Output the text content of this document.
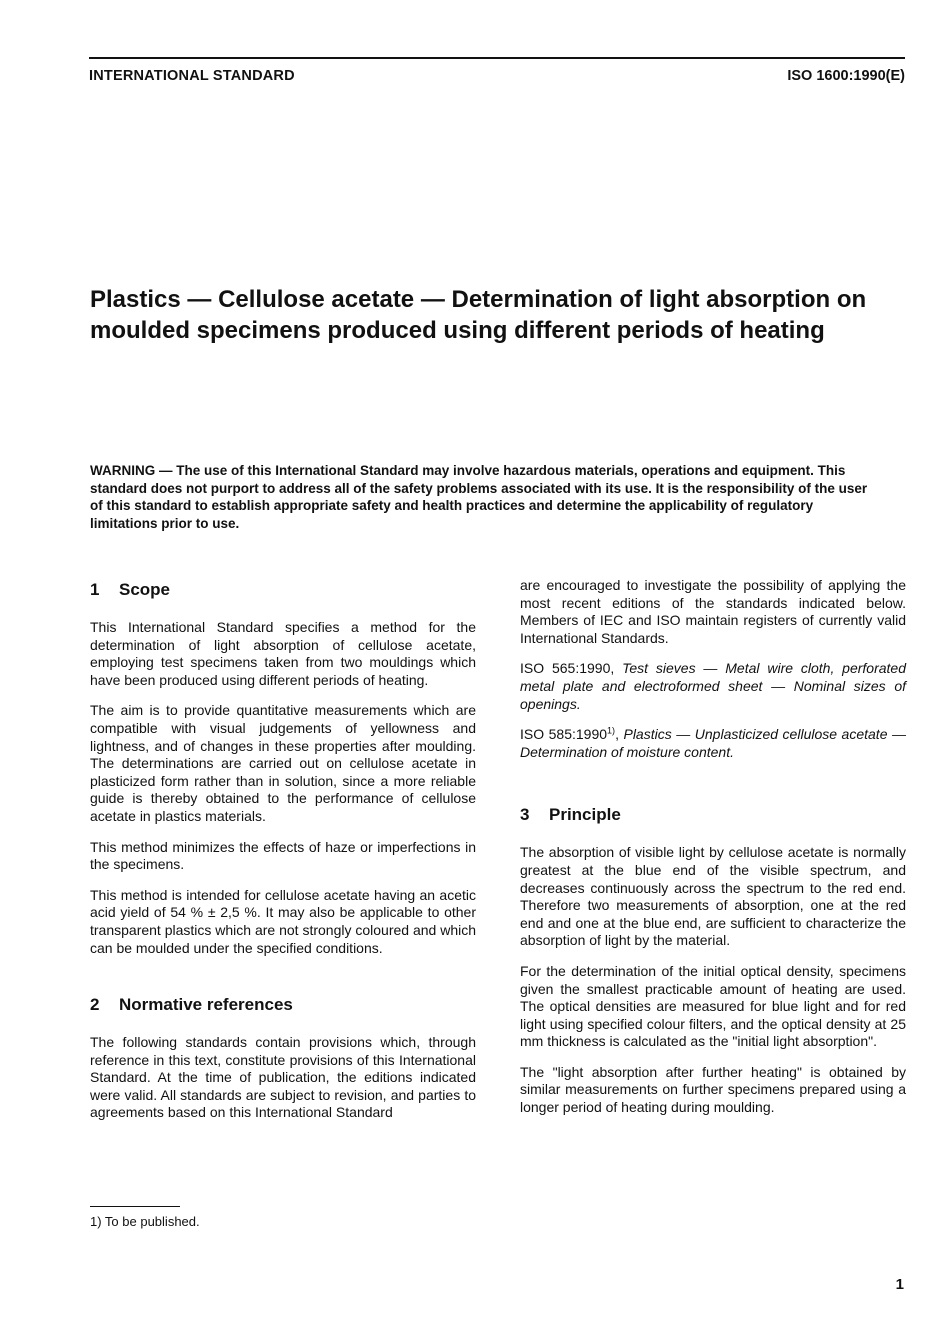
INTERNATIONAL STANDARD	ISO 1600:1990(E)
Plastics — Cellulose acetate — Determination of light absorption on moulded specimens produced using different periods of heating

WARNING — The use of this International Standard may involve hazardous materials, operations and equipment. This standard does not purport to address all of the safety problems associated with its use. It is the responsibility of the user of this standard to establish appropriate safety and health practices and determine the applicability of regulatory limitations prior to use.

1 Scope

This International Standard specifies a method for the determination of light absorption of cellulose acetate, employing test specimens taken from two mouldings which have been produced using different periods of heating.

The aim is to provide quantitative measurements which are compatible with visual judgements of yellowness and lightness, and of changes in these properties after moulding. The determinations are carried out on cellulose acetate in plasticized form rather than in solution, since a more reliable guide is thereby obtained to the performance of cellulose acetate in plastics materials.

This method minimizes the effects of haze or imperfections in the specimens.

This method is intended for cellulose acetate having an acetic acid yield of 54 % ± 2,5 %. It may also be applicable to other transparent plastics which are not strongly coloured and which can be moulded under the specified conditions.

2 Normative references

The following standards contain provisions which, through reference in this text, constitute provisions of this International Standard. At the time of publication, the editions indicated were valid. All standards are subject to revision, and parties to agreements based on this International Standard

are encouraged to investigate the possibility of applying the most recent editions of the standards indicated below. Members of IEC and ISO maintain registers of currently valid International Standards.

ISO 565:1990, Test sieves — Metal wire cloth, perforated metal plate and electroformed sheet — Nominal sizes of openings.

ISO 585:1990$^{1)}$, Plastics — Unplasticized cellulose acetate — Determination of moisture content.

3 Principle

The absorption of visible light by cellulose acetate is normally greatest at the blue end of the visible spectrum, and decreases continuously across the spectrum to the red end. Therefore two measurements of absorption, one at the red end and one at the blue end, are sufficient to characterize the absorption of light by the material.

For the determination of the initial optical density, specimens given the smallest practicable amount of heating are used. The optical densities are measured for blue light and for red light using specified colour filters, and the optical density at 25 mm thickness is calculated as the "initial light absorption".

The "light absorption after further heating" is obtained by similar measurements on further specimens prepared using a longer period of heating during moulding.

1) To be published.
1
